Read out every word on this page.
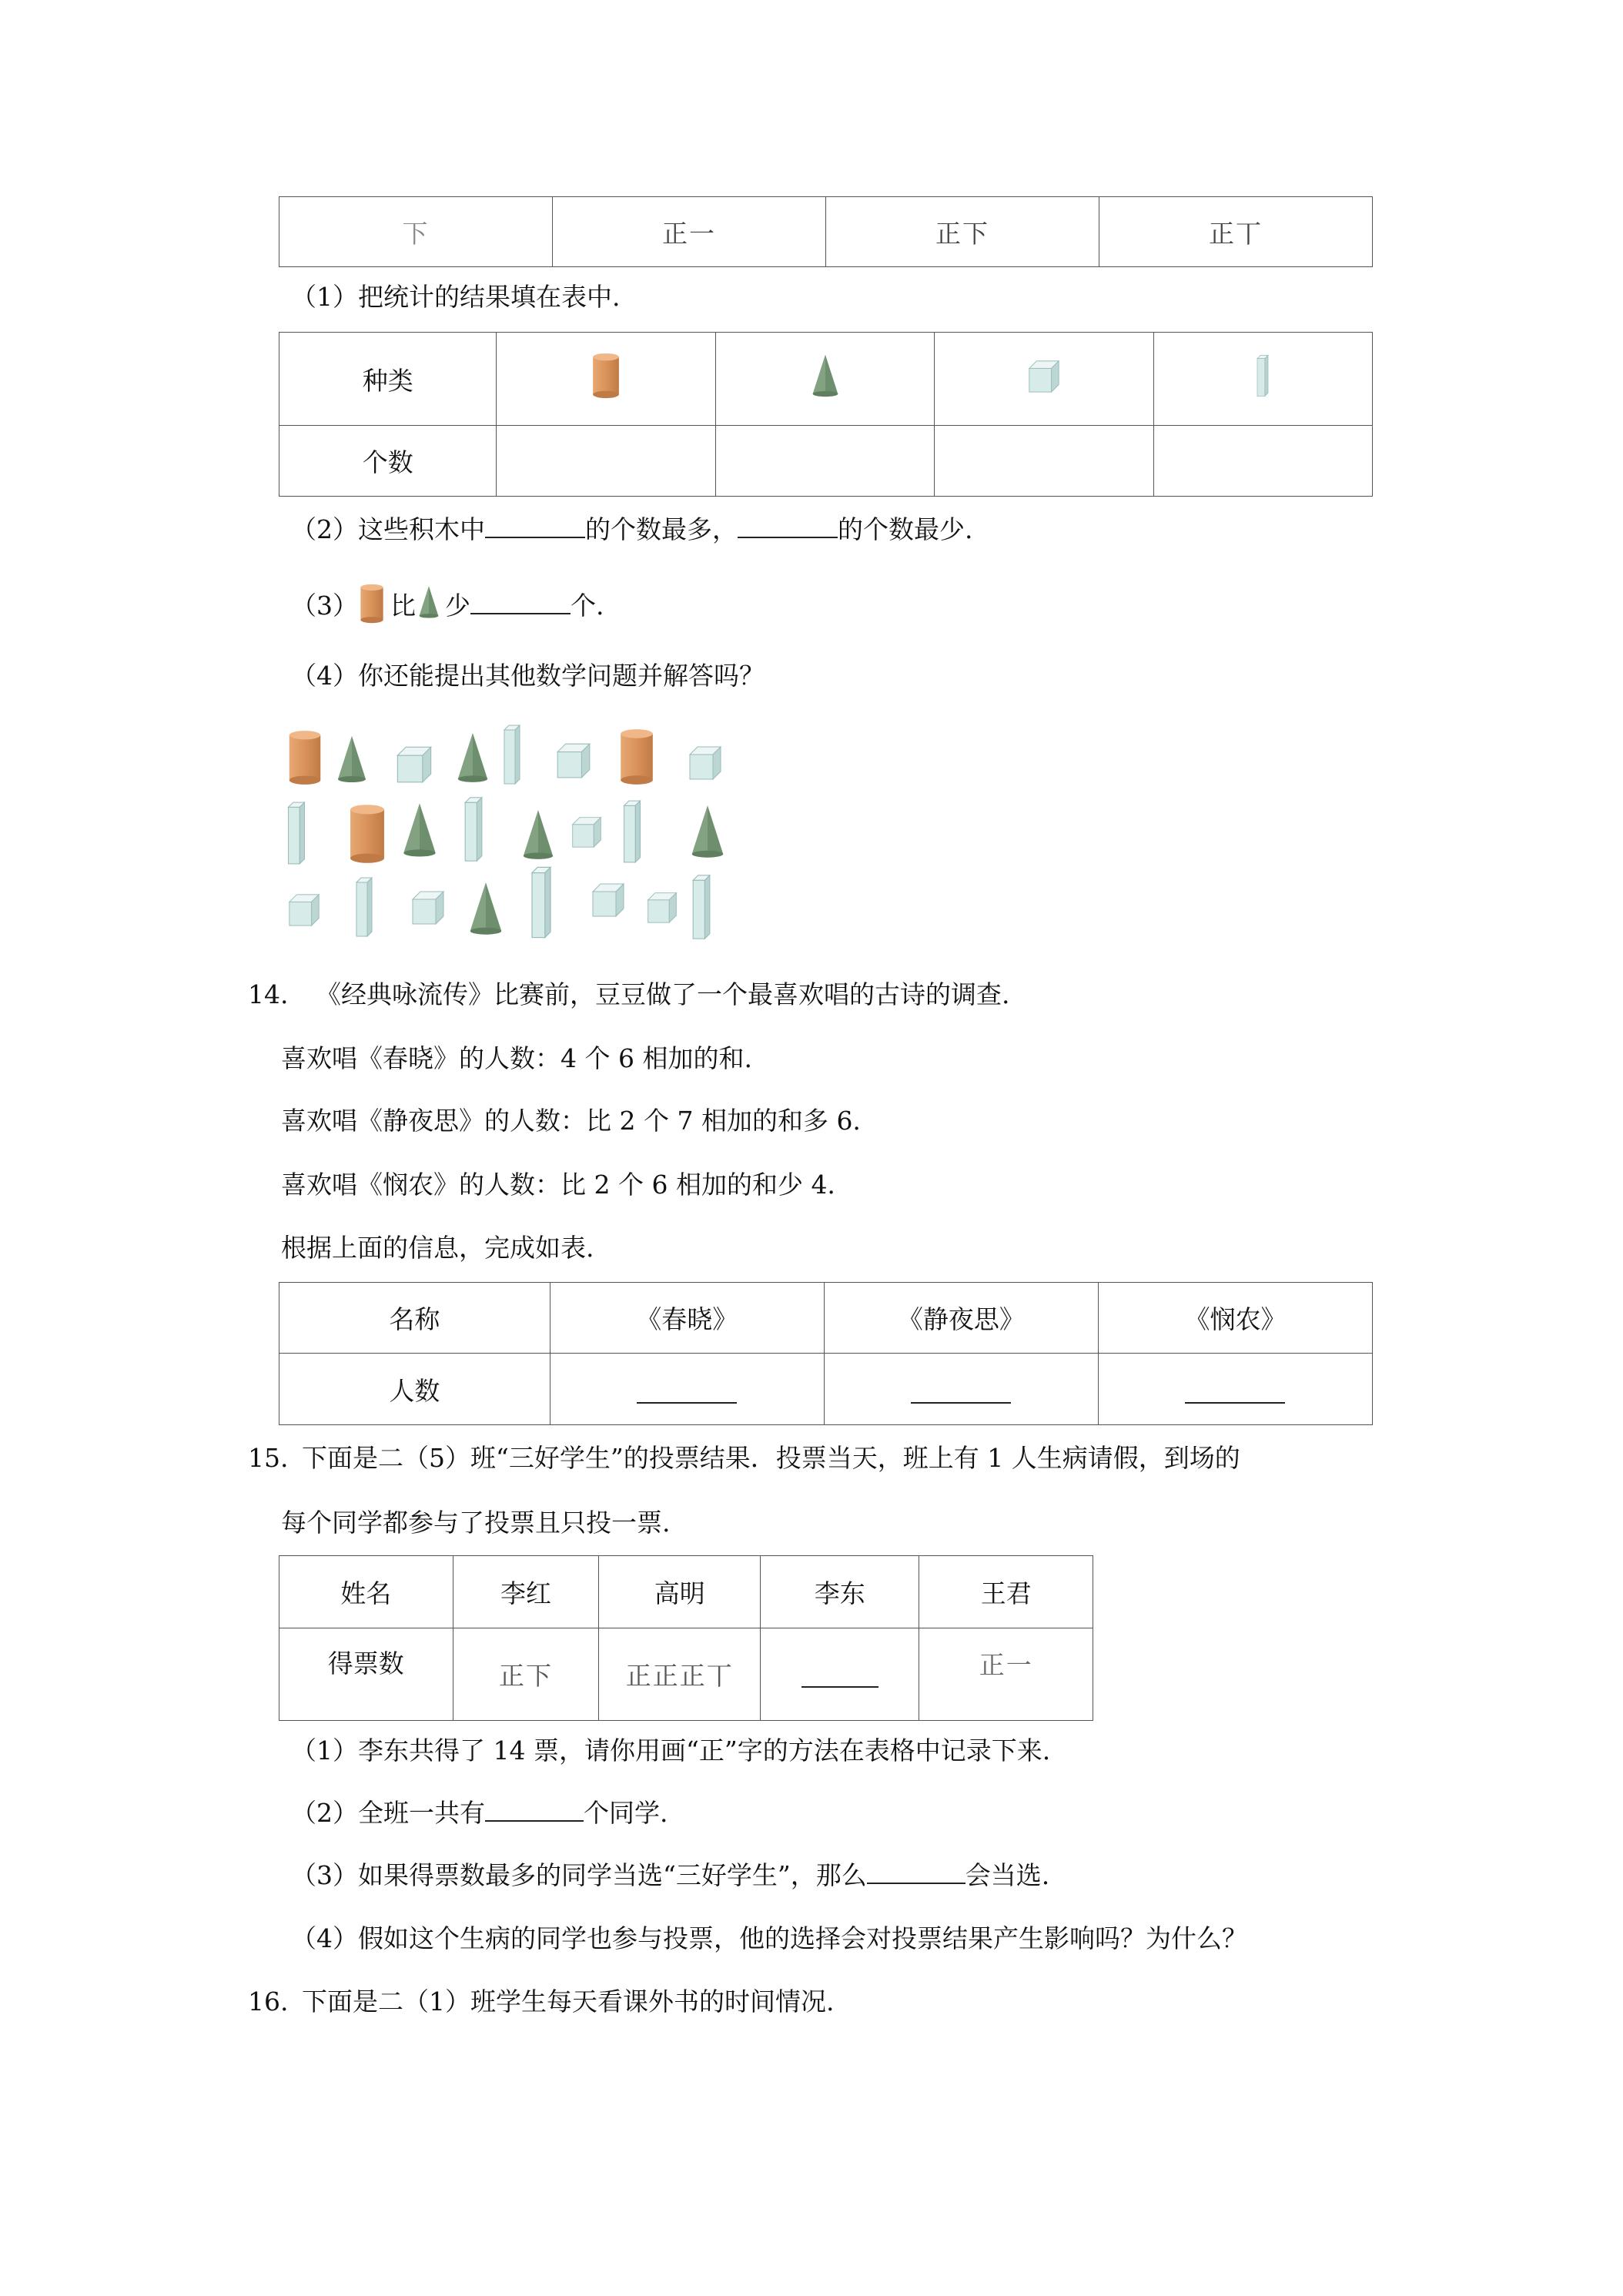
下	正一	正下	正丅
（1）把统计的结果填在表中.
种类				
个数				
（2）这些积木中	的个数最多，	的个数最少.
（3） 比 少	个.
（4）你还能提出其他数学问题并解答吗？
14. 《经典咏流传》比赛前，豆豆做了一个最喜欢唱的古诗的调查.
喜欢唱《春晓》的人数：4 个 6 相加的和.
喜欢唱《静夜思》的人数：比 2 个 7 相加的和多 6.
喜欢唱《悯农》的人数：比 2 个 6 相加的和少 4.
根据上面的信息，完成如表.
名称	《春晓》	《静夜思》	《悯农》
人数			
15. 下面是二（5）班“三好学生”的投票结果．投票当天，班上有 1 人生病请假，到场的
每个同学都参与了投票且只投一票.
姓名	李红	高明	李东	王君
得票数	正下	正正正丅		正一
（1）李东共得了 14 票，请你用画“正”字的方法在表格中记录下来.
（2）全班一共有	个同学.
（3）如果得票数最多的同学当选“三好学生”，那么	会当选.
（4）假如这个生病的同学也参与投票，他的选择会对投票结果产生影响吗？为什么？
16. 下面是二（1）班学生每天看课外书的时间情况.
